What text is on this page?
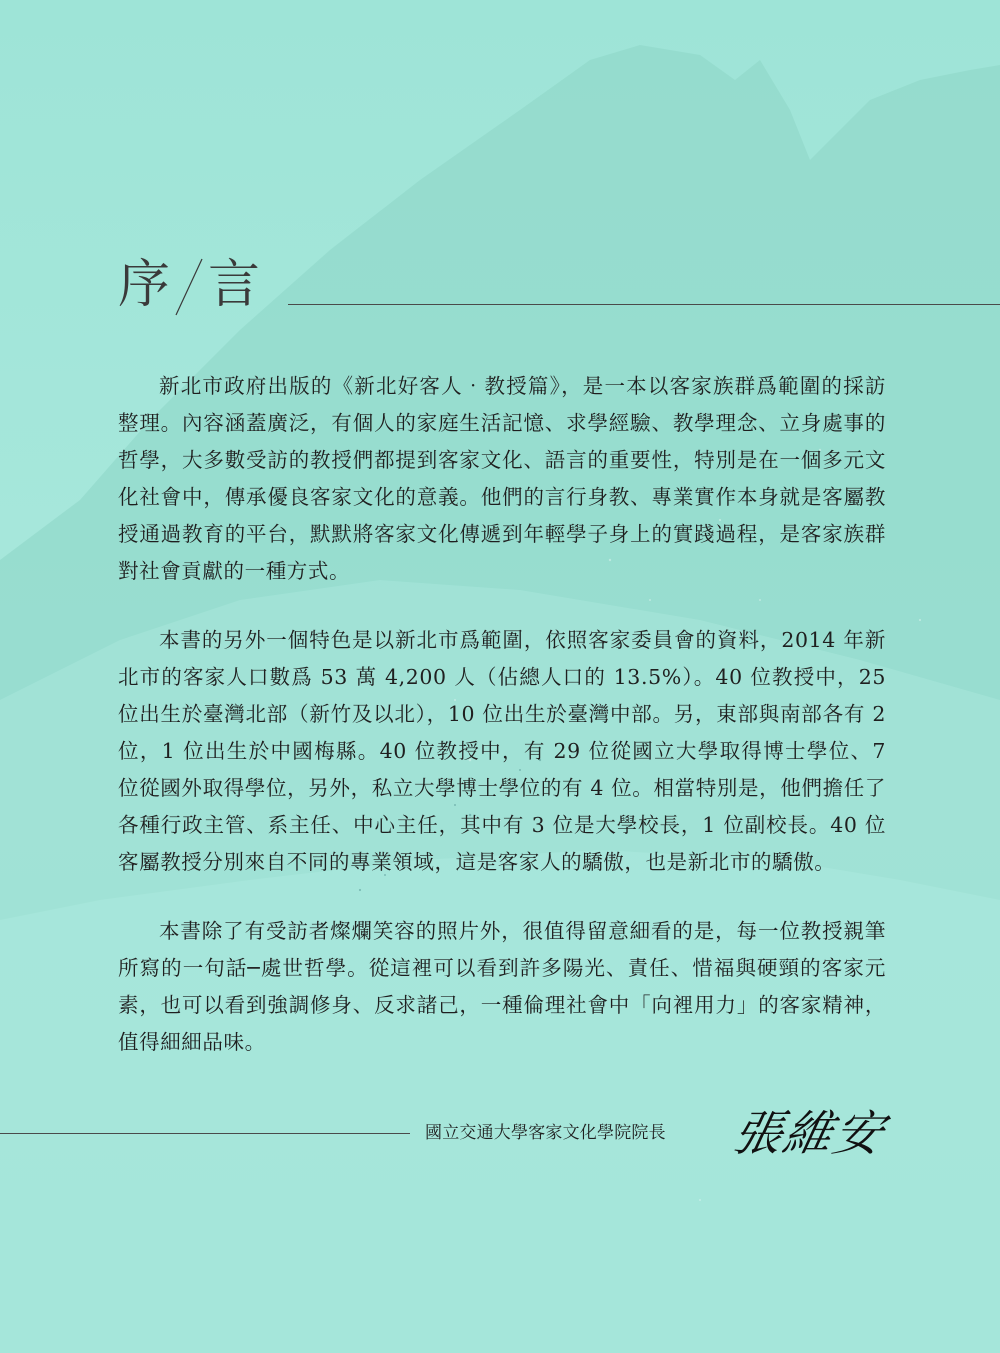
序 言

新北市政府出版的《新北好客人‧教授篇》，是一本以客家族群爲範圍的採訪整理。內容涵蓋廣泛，有個人的家庭生活記憶、求學經驗、教學理念、立身處事的哲學，大多數受訪的教授們都提到客家文化、語言的重要性，特別是在一個多元文化社會中，傳承優良客家文化的意義。他們的言行身教、專業實作本身就是客屬教授通過教育的平台，默默將客家文化傳遞到年輕學子身上的實踐過程，是客家族群對社會貢獻的一種方式。

本書的另外一個特色是以新北市爲範圍，依照客家委員會的資料，2014 年新北市的客家人口數爲 53 萬 4,200 人（佔總人口的 13.5%）。40 位教授中，25 位出生於臺灣北部（新竹及以北），10 位出生於臺灣中部。另，東部與南部各有 2 位，1 位出生於中國梅縣。40 位教授中，有 29 位從國立大學取得博士學位、7 位從國外取得學位，另外，私立大學博士學位的有 4 位。相當特別是，他們擔任了各種行政主管、系主任、中心主任，其中有 3 位是大學校長，1 位副校長。40 位客屬教授分別來自不同的專業領域，這是客家人的驕傲，也是新北市的驕傲。

本書除了有受訪者燦爛笑容的照片外，很值得留意細看的是，每一位教授親筆所寫的一句話─處世哲學。從這裡可以看到許多陽光、責任、惜福與硬頸的客家元素，也可以看到強調修身、反求諸己，一種倫理社會中「向裡用力」的客家精神，值得細細品味。

國立交通大學客家文化學院院長 張維安
